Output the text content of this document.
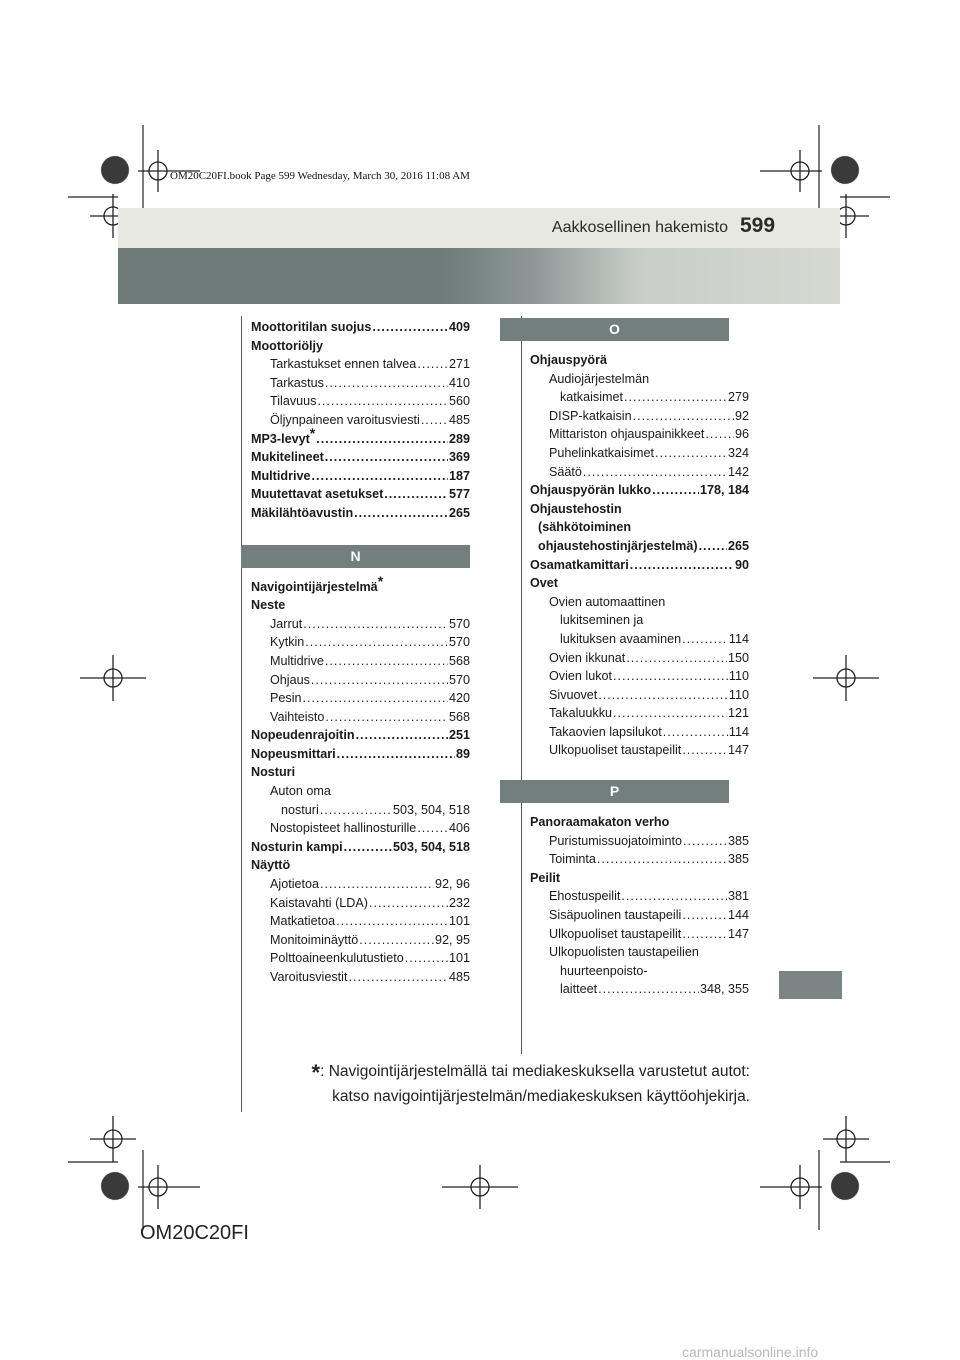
OM20C20FI.book Page 599 Wednesday, March 30, 2016 11:08 AM
Aakkosellinen hakemisto 599
Moottoritilan suojus .....	409
Moottoriöljy
Tarkastukset ennen talvea .....	271
Tarkastus .....	410
Tilavuus .....	560
Öljynpaineen varoitusviesti ..... 485
MP3-levyt* .....	289
Mukitelineet .....	369
Multidrive .....	187
Muutettavat asetukset .....	577
Mäkilähtöavustin .....	265
N
Navigointijärjestelmä*
Neste
Jarrut .....	570
Kytkin .....	570
Multidrive .....	568
Ohjaus .....	570
Pesin .....	420
Vaihteisto .....	568
Nopeudenrajoitin .....	251
Nopeusmittari .....	89
Nosturi
Auton oma
nosturi .....	503, 504, 518
Nostopisteet hallinosturille .....	406
Nosturin kampi .....	503, 504, 518
Näyttö
Ajotietoa .....	92, 96
Kaistavahti (LDA) .....	232
Matkatietoa .....	101
Monitoiminäyttö .....	92, 95
Polttoaineenkulutustieto .....	101
Varoitusviestit .....	485
O
Ohjauspyörä
Audiojärjestelmän
katkaisimet .....	279
DISP-katkaisin .....	92
Mittariston ohjauspainikkeet ..... 96
Puhelinkatkaisimet .....	324
Säätö .....	142
Ohjauspyörän lukko .....	178, 184
Ohjaustehostin
(sähkötoiminen
ohjaustehostinjärjestelmä) ..... 265
Osamatkamittari .....	90
Ovet
Ovien automaattinen
lukitseminen ja
lukituksen avaaminen .....	114
Ovien ikkunat .....	150
Ovien lukot .....	110
Sivuovet .....	110
Takaluukku .....	121
Takaovien lapsilukot .....	114
Ulkopuoliset taustapeilit .....	147
P
Panoraamakaton verho
Puristumissuojatoiminto .....	385
Toiminta .....	385
Peilit
Ehostuspeilit .....	381
Sisäpuolinen taustapeili .....	144
Ulkopuoliset taustapeilit .....	147
Ulkopuolisten taustapeilien
huurteenpoisto-
laitteet .....	348, 355
*: Navigointijärjestelmällä tai mediakeskuksella varustetut autot:
katso navigointijärjestelmän/mediakeskuksen käyttöohjekirja.
OM20C20FI
carmanualsonline.info
